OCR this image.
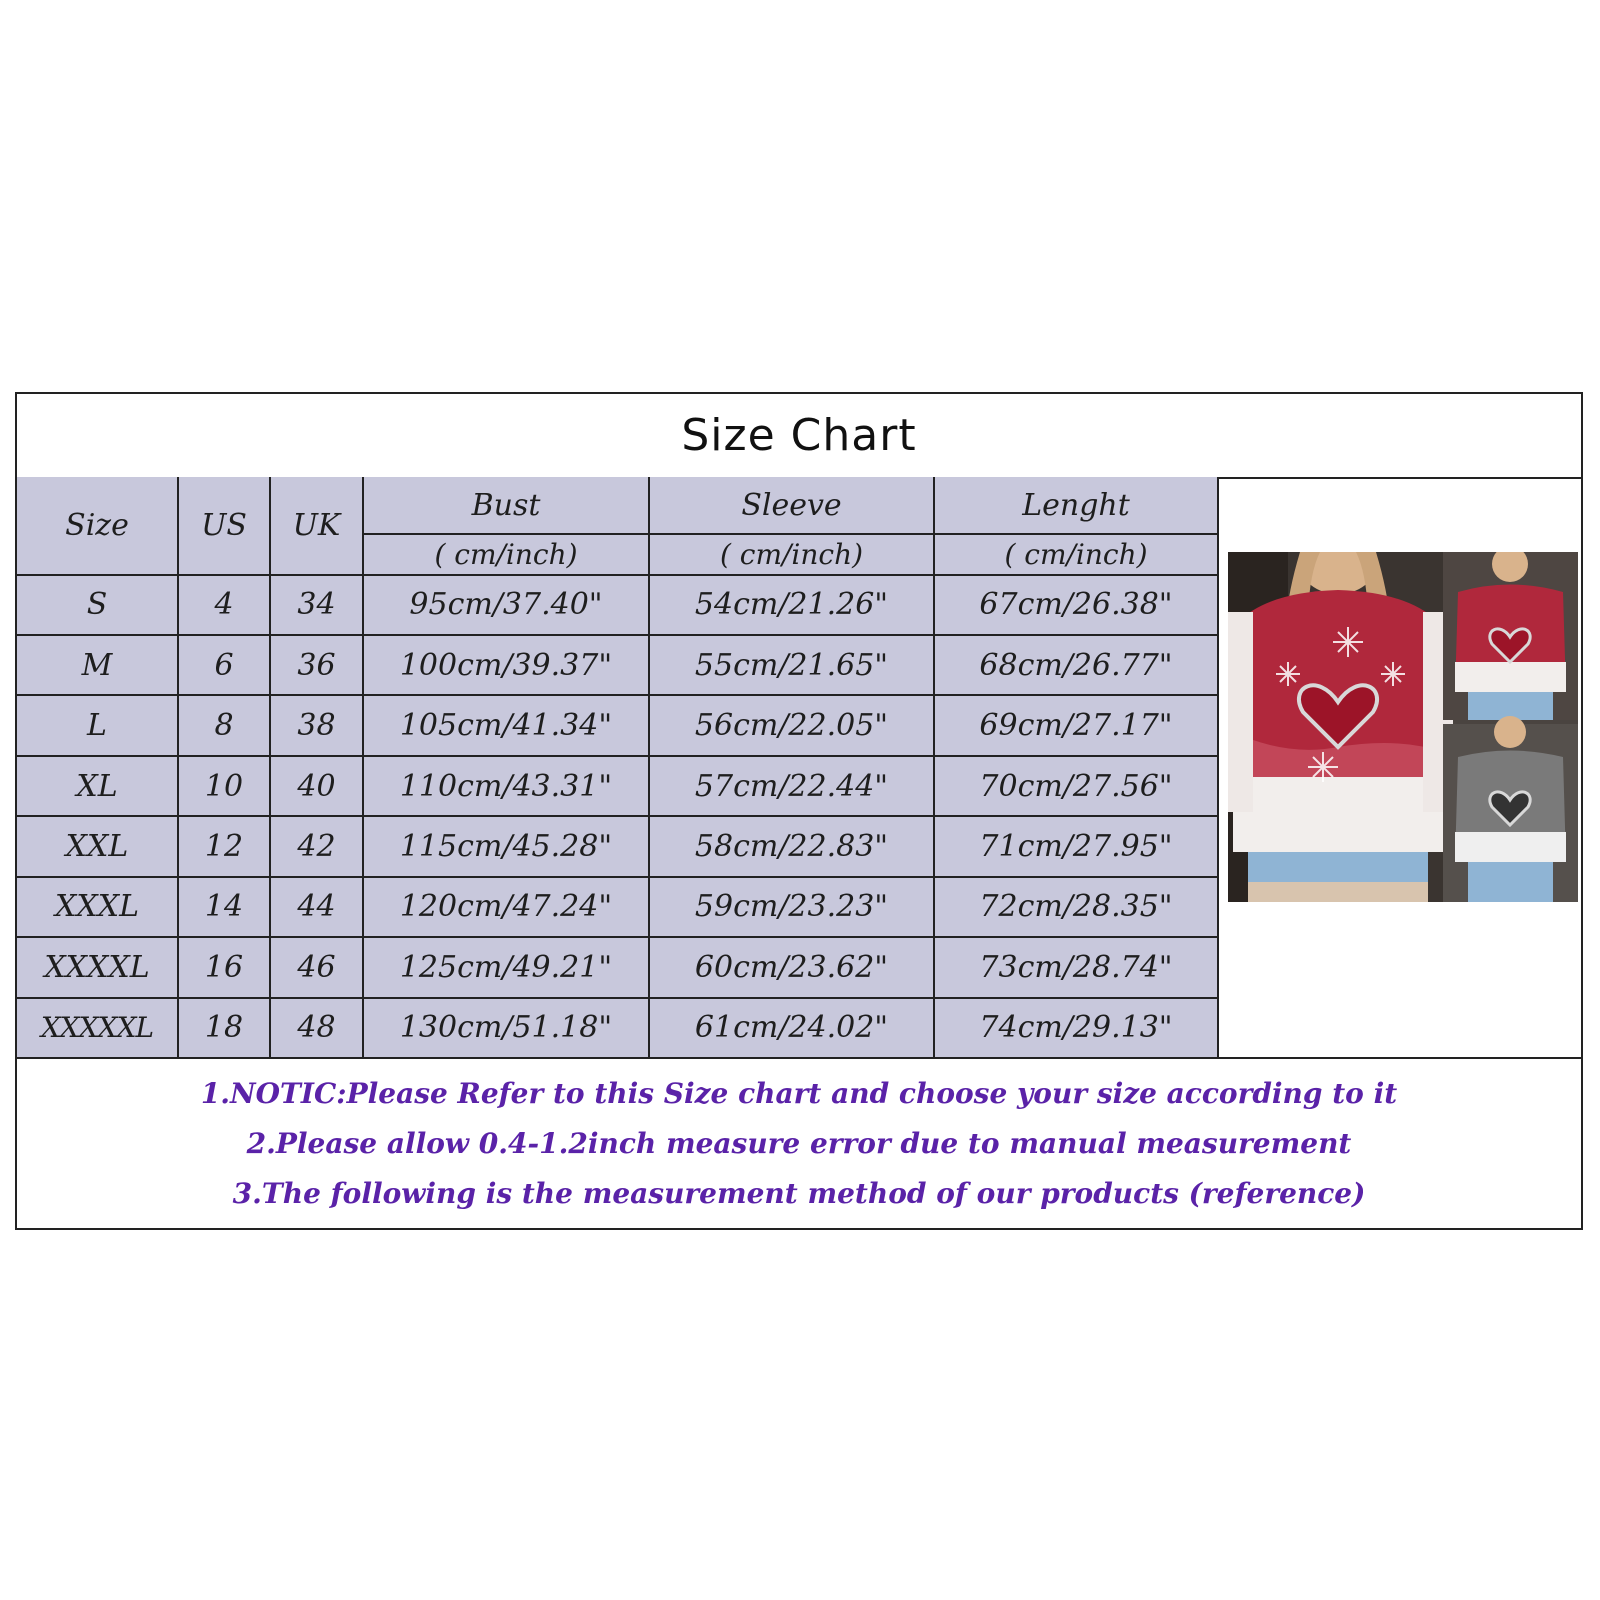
Size Chart
Size	US	UK	Bust	Sleeve	Lenght
			( cm/inch)	( cm/inch)	( cm/inch)
S	4	34	95cm/37.40"	54cm/21.26"	67cm/26.38"
M	6	36	100cm/39.37"	55cm/21.65"	68cm/26.77"
L	8	38	105cm/41.34"	56cm/22.05"	69cm/27.17"
XL	10	40	110cm/43.31"	57cm/22.44"	70cm/27.56"
XXL	12	42	115cm/45.28"	58cm/22.83"	71cm/27.95"
XXXL	14	44	120cm/47.24"	59cm/23.23"	72cm/28.35"
XXXXL	16	46	125cm/49.21"	60cm/23.62"	73cm/28.74"
XXXXXL	18	48	130cm/51.18"	61cm/24.02"	74cm/29.13"
1.NOTIC:Please Refer to this Size chart and choose your size according to it
2.Please allow 0.4-1.2inch measure error due to manual measurement
3.The following is the measurement method of our products (reference)
